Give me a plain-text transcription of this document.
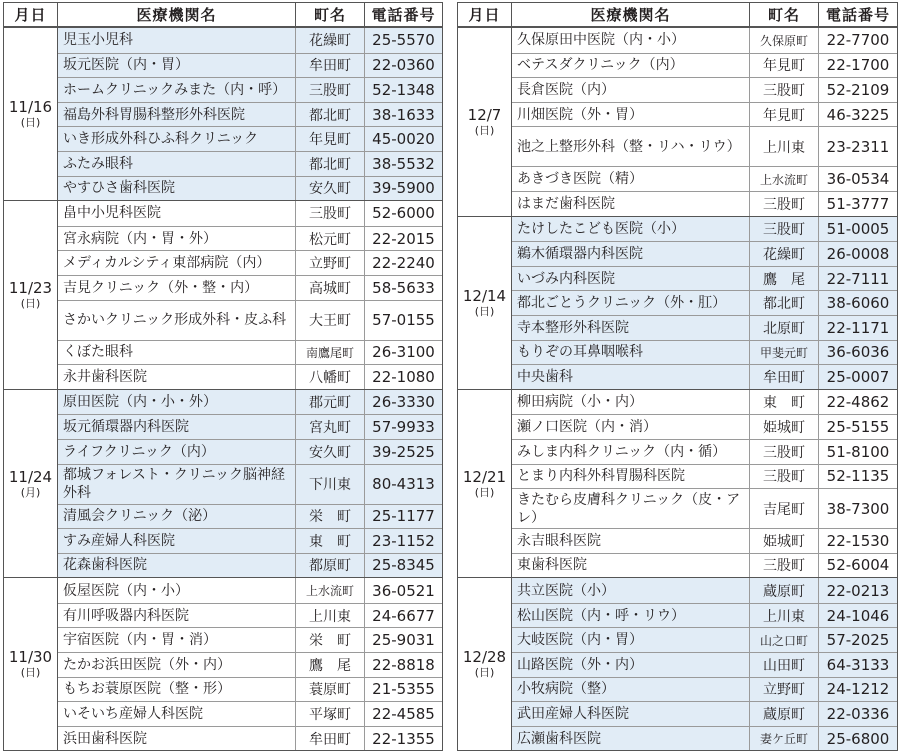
月日	医療機関名	町名	電話番号
11/16
(日)
児玉小児科	花繰町	25-5570
坂元医院（内・胃）	牟田町	22-0360
ホームクリニックみまた（内・呼）	三股町	52-1348
福島外科胃腸科整形外科医院	都北町	38-1633
いき形成外科ひふ科クリニック	年見町	45-0020
ふたみ眼科	都北町	38-5532
やすひさ歯科医院	安久町	39-5900
11/23
(日)
畠中小児科医院	三股町	52-6000
宮永病院（内・胃・外）	松元町	22-2015
メディカルシティ東部病院（内）	立野町	22-2240
吉見クリニック（外・整・内）	高城町	58-5633
さかいクリニック形成外科・皮ふ科	大王町	57-0155
くぼた眼科	南鷹尾町	26-3100
永井歯科医院	八幡町	22-1080
11/24
(月)
原田医院（内・小・外）	郡元町	26-3330
坂元循環器内科医院	宮丸町	57-9933
ライフクリニック（内）	安久町	39-2525
都城フォレスト・クリニック脳神経外科	下川東	80-4313
清風会クリニック（泌）	栄　町	25-1177
すみ産婦人科医院	東　町	23-1152
花森歯科医院	都原町	25-8345
11/30
(日)
仮屋医院（内・小）	上水流町	36-0521
有川呼吸器内科医院	上川東	24-6677
宇宿医院（内・胃・消）	栄　町	25-9031
たかお浜田医院（外・内）	鷹　尾	22-8818
もちお蓑原医院（整・形）	蓑原町	21-5355
いそいち産婦人科医院	平塚町	22-4585
浜田歯科医院	牟田町	22-1355
月日	医療機関名	町名	電話番号
12/7
(日)
久保原田中医院（内・小）	久保原町	22-7700
ベテスダクリニック（内）	年見町	22-1700
長倉医院（内）	三股町	52-2109
川畑医院（外・胃）	年見町	46-3225
池之上整形外科（整・リハ・リウ）	上川東	23-2311
あきづき医院（精）	上水流町	36-0534
はまだ歯科医院	三股町	51-3777
12/14
(日)
たけしたこども医院（小）	三股町	51-0005
鵜木循環器内科医院	花繰町	26-0008
いづみ内科医院	鷹　尾	22-7111
都北ごとうクリニック（外・肛）	都北町	38-6060
寺本整形外科医院	北原町	22-1171
もりぞの耳鼻咽喉科	甲斐元町	36-6036
中央歯科	牟田町	25-0007
12/21
(日)
柳田病院（小・内）	東　町	22-4862
瀬ノ口医院（内・消）	姫城町	25-5155
みしま内科クリニック（内・循）	三股町	51-8100
とまり内科外科胃腸科医院	三股町	52-1135
きたむら皮膚科クリニック（皮・アレ）	吉尾町	38-7300
永吉眼科医院	姫城町	22-1530
東歯科医院	三股町	52-6004
12/28
(日)
共立医院（小）	蔵原町	22-0213
松山医院（内・呼・リウ）	上川東	24-1046
大岐医院（内・胃）	山之口町	57-2025
山路医院（外・内）	山田町	64-3133
小牧病院（整）	立野町	24-1212
武田産婦人科医院	蔵原町	22-0336
広瀬歯科医院	妻ケ丘町	25-6800
